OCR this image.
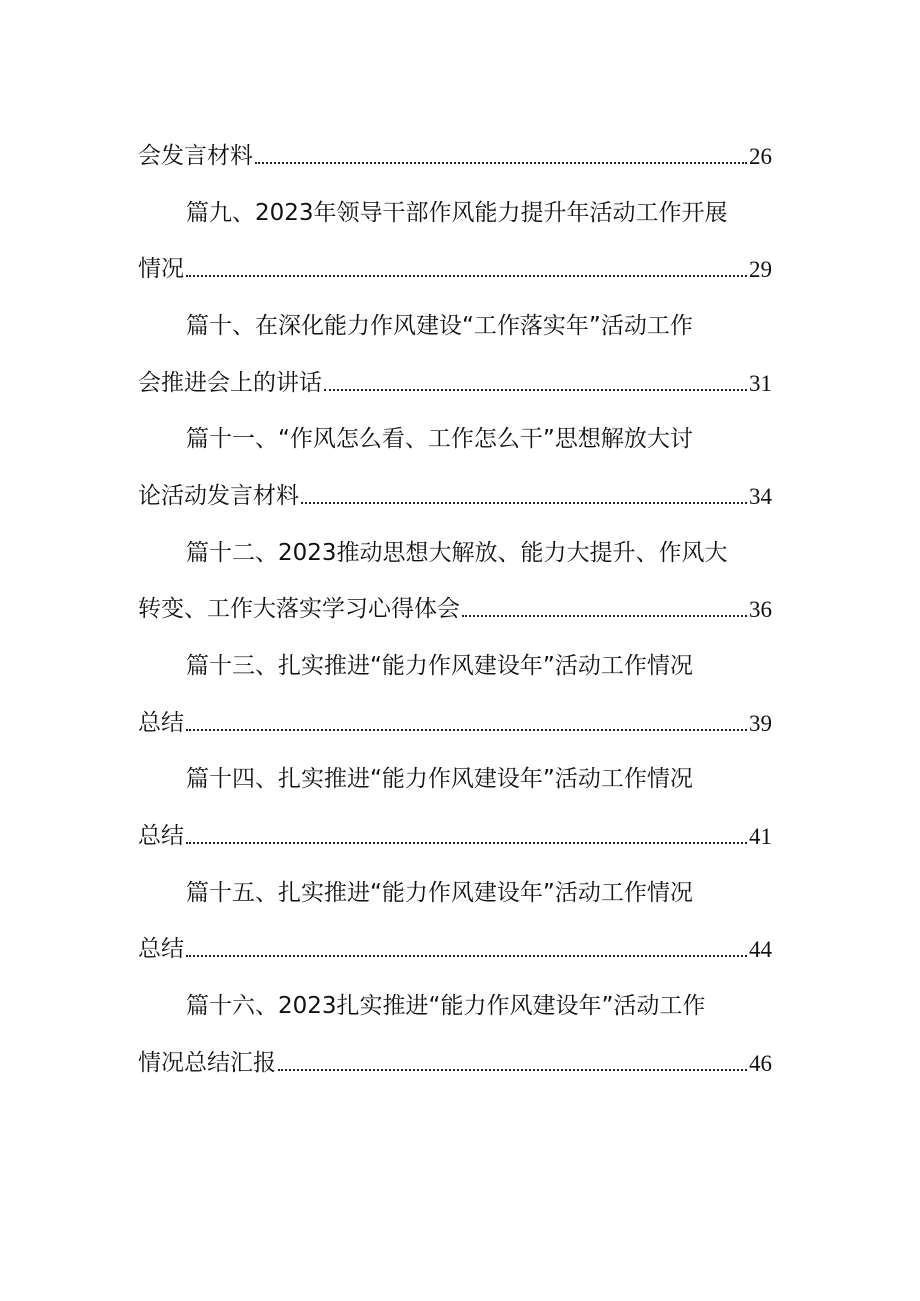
会发言材料	26
篇九、2023年领导干部作风能力提升年活动工作开展
情况	29
篇十、在深化能力作风建设“工作落实年”活动工作
会推进会上的讲话	31
篇十一、“作风怎么看、工作怎么干”思想解放大讨
论活动发言材料	34
篇十二、2023推动思想大解放、能力大提升、作风大
转变、工作大落实学习心得体会	36
篇十三、扎实推进“能力作风建设年”活动工作情况
总结	39
篇十四、扎实推进“能力作风建设年”活动工作情况
总结	41
篇十五、扎实推进“能力作风建设年”活动工作情况
总结	44
篇十六、2023扎实推进“能力作风建设年”活动工作
情况总结汇报	46
